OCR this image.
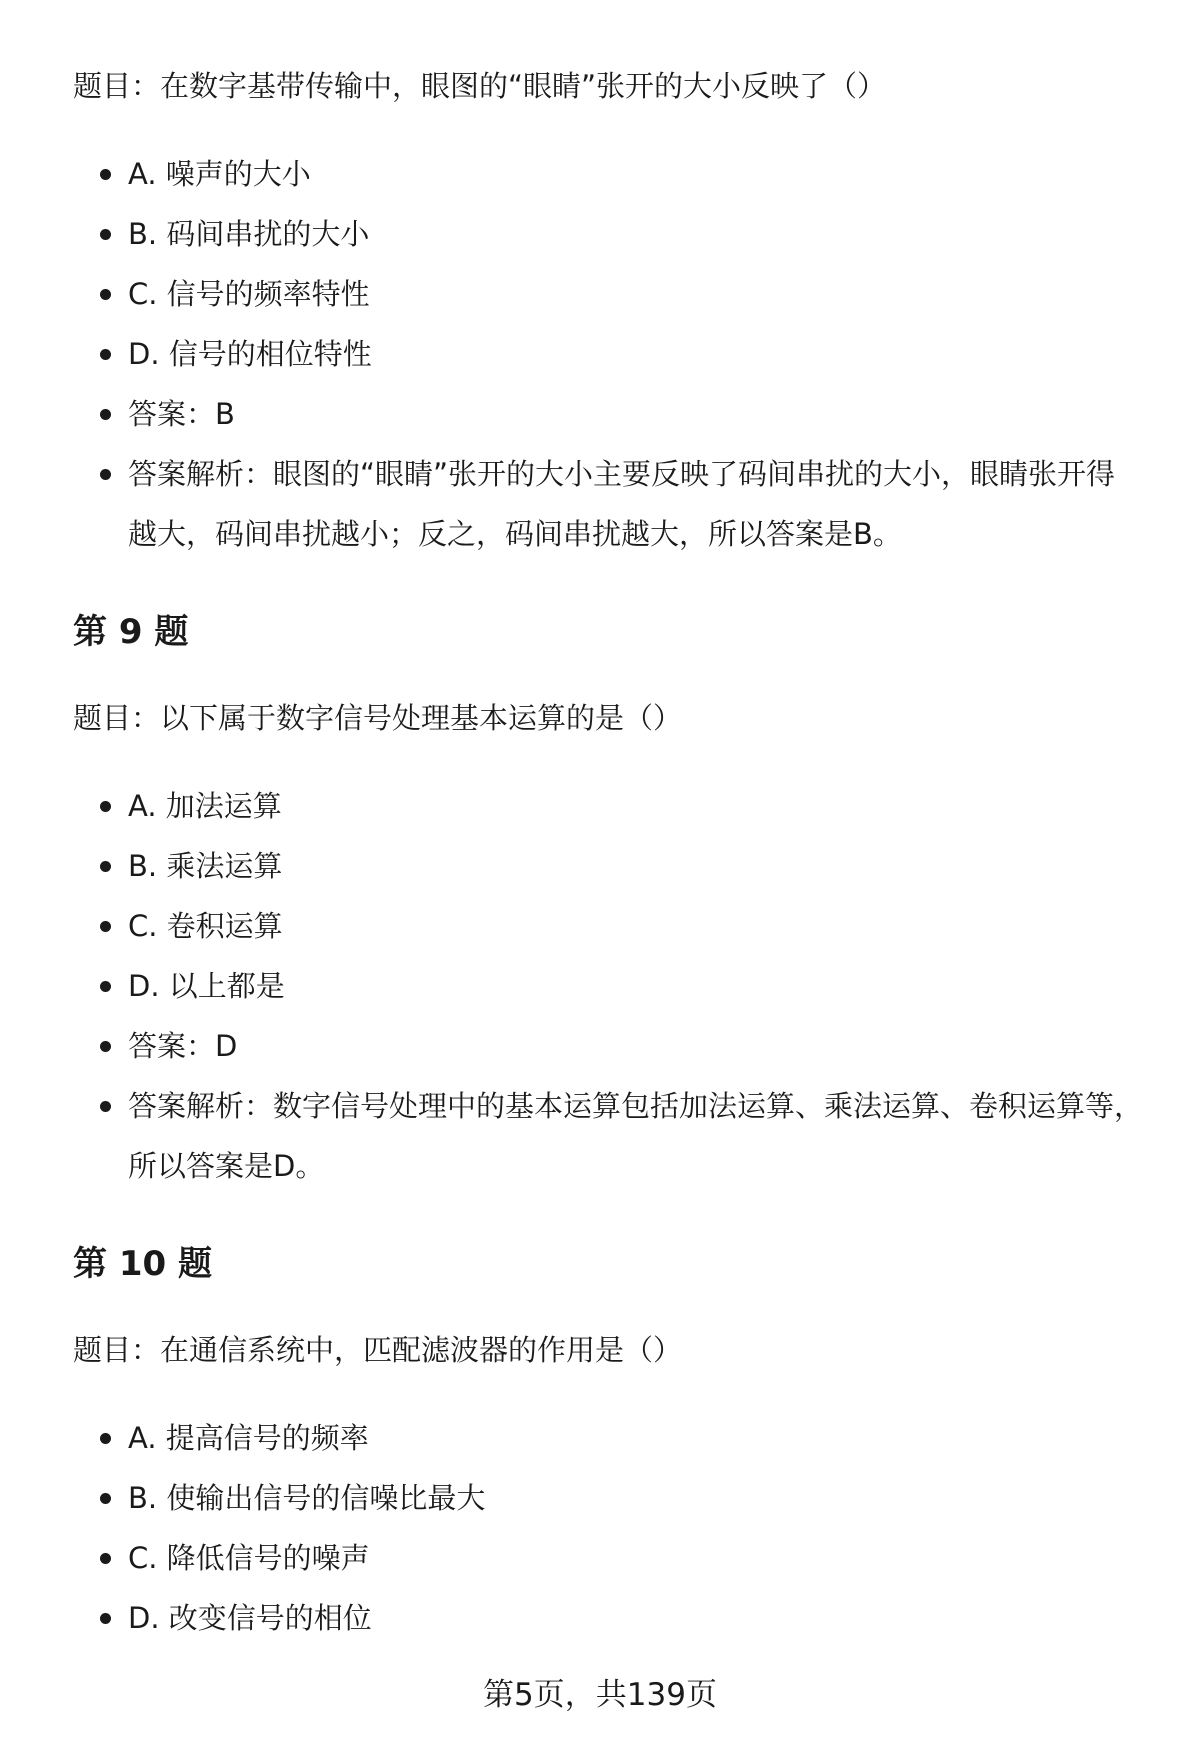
题目：在数字基带传输中，眼图的“眼睛”张开的大小反映了（）

A. 噪声的大小
B. 码间串扰的大小
C. 信号的频率特性
D. 信号的相位特性
答案：B
答案解析：眼图的“眼睛”张开的大小主要反映了码间串扰的大小，眼睛张开得越大，码间串扰越小；反之，码间串扰越大，所以答案是B。
第 9 题

题目：以下属于数字信号处理基本运算的是（）

A. 加法运算
B. 乘法运算
C. 卷积运算
D. 以上都是
答案：D
答案解析：数字信号处理中的基本运算包括加法运算、乘法运算、卷积运算等，所以答案是D。
第 10 题

题目：在通信系统中，匹配滤波器的作用是（）

A. 提高信号的频率
B. 使输出信号的信噪比最大
C. 降低信号的噪声
D. 改变信号的相位
第5页，共139页
